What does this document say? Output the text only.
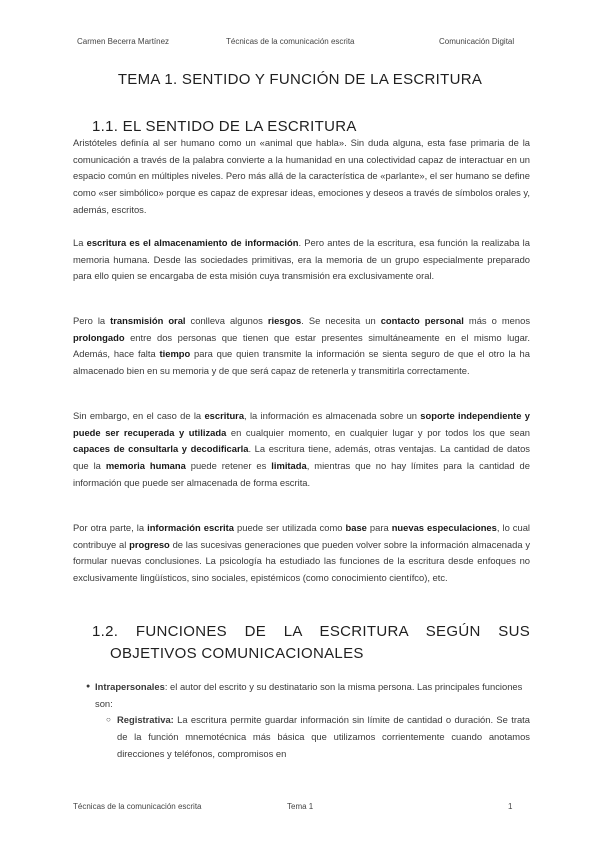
Carmen Becerra Martínez	Técnicas de la comunicación escrita	Comunicación Digital
TEMA 1. SENTIDO Y FUNCIÓN DE LA ESCRITURA
1.1. EL SENTIDO DE LA ESCRITURA

Aristóteles definía al ser humano como un «animal que habla». Sin duda alguna, esta fase primaria de la comunicación a través de la palabra convierte a la humanidad en una colectividad capaz de interactuar en un espacio común en múltiples niveles. Pero más allá de la característica de «parlante», el ser humano se define como «ser simbólico» porque es capaz de expresar ideas, emociones y deseos a través de símbolos orales y, además, escritos.

La escritura es el almacenamiento de información. Pero antes de la escritura, esa función la realizaba la memoria humana. Desde las sociedades primitivas, era la memoria de un grupo especialmente preparado para ello quien se encargaba de esta misión cuya transmisión era exclusivamente oral.

Pero la transmisión oral conlleva algunos riesgos. Se necesita un contacto personal más o menos prolongado entre dos personas que tienen que estar presentes simultáneamente en el mismo lugar. Además, hace falta tiempo para que quien transmite la información se sienta seguro de que el otro la ha almacenado bien en su memoria y de que será capaz de retenerla y transmitirla correctamente.

Sin embargo, en el caso de la escritura, la información es almacenada sobre un soporte independiente y puede ser recuperada y utilizada en cualquier momento, en cualquier lugar y por todos los que sean capaces de consultarla y decodificarla. La escritura tiene, además, otras ventajas. La cantidad de datos que la memoria humana puede retener es limitada, mientras que no hay límites para la cantidad de información que puede ser almacenada de forma escrita.

Por otra parte, la información escrita puede ser utilizada como base para nuevas especulaciones, lo cual contribuye al progreso de las sucesivas generaciones que pueden volver sobre la información almacenada y formular nuevas conclusiones. La psicología ha estudiado las funciones de la escritura desde enfoques no exclusivamente lingüísticos, sino sociales, epistémicos (como conocimiento científco), etc.

1.2. FUNCIONES DE LA ESCRITURA SEGÚN SUS
OBJETIVOS COMUNICACIONALES
● Intrapersonales: el autor del escrito y su destinatario son la misma persona. Las principales funciones son:
○ Registrativa: La escritura permite guardar información sin límite de cantidad o duración. Se trata de la función mnemotécnica más básica que utilizamos corrientemente cuando anotamos direcciones y teléfonos, compromisos en
Técnicas de la comunicación escrita	Tema 1	1
